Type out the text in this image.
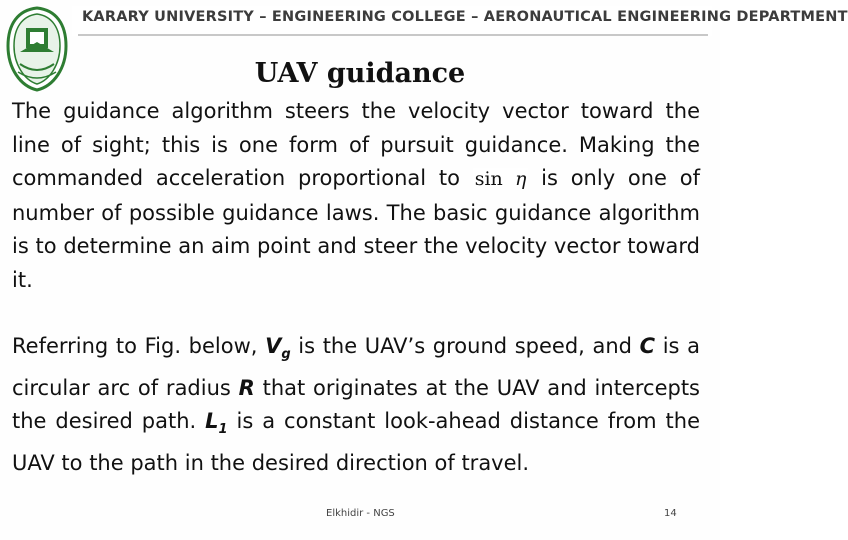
KARARY UNIVERSITY – ENGINEERING COLLEGE – AERONAUTICAL ENGINEERING DEPARTMENT
UAV guidance

The guidance algorithm steers the velocity vector toward the line of sight; this is one form of pursuit guidance. Making the commanded acceleration proportional to sin η is only one of number of possible guidance laws. The basic guidance algorithm is to determine an aim point and steer the velocity vector toward it.

Referring to Fig. below, $V_g$ is the UAV’s ground speed, and C is a circular arc of radius R that originates at the UAV and intercepts the desired path. $L_1$ is a constant look-ahead distance from the UAV to the path in the desired direction of travel.

Elkhidir - NGS	14
